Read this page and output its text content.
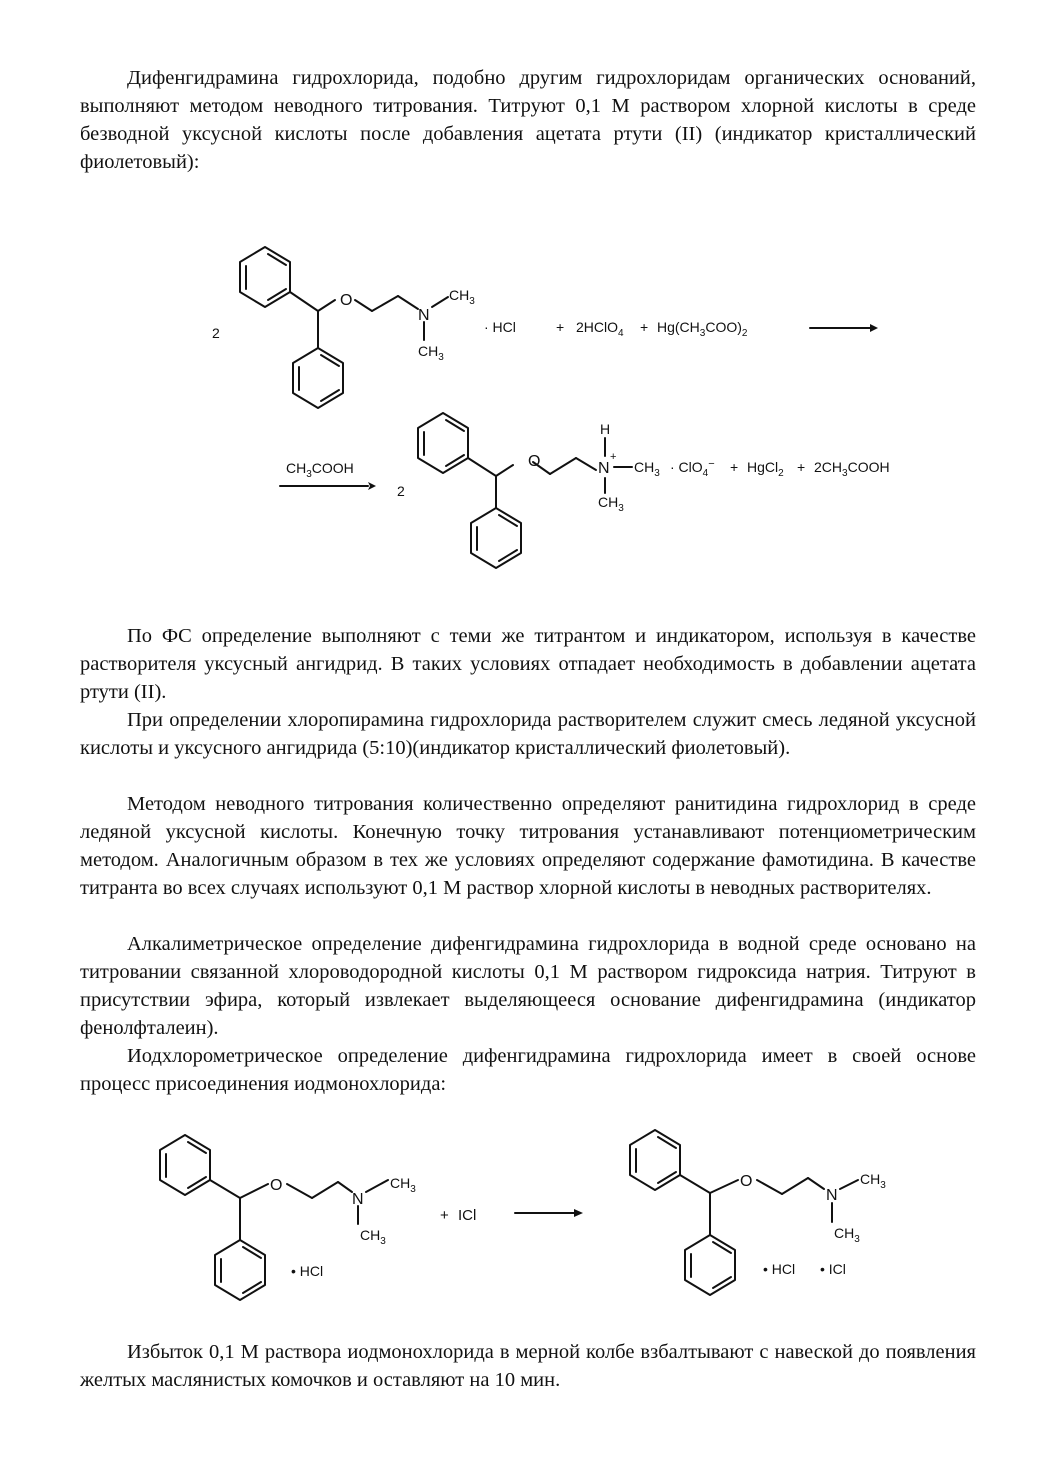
Дифенгидрамина гидрохлорида, подобно другим гидрохлоридам органических оснований, выполняют методом неводного титрования. Титруют 0,1 М раствором хлорной кислоты в среде безводной уксусной кислоты после добавления ацетата ртути (II) (индикатор кристаллический фиолетовый):

O
N
$CH_3$
$CH_3$
2	· HCl	+ 2HClO$_4$ + $Hg(CH_3COO)_2$
$CH_3COOH$
2
O
H
N
+
$CH_3$
$CH_3$
· ClO$_4$− + HgCl$_2$ + $2CH_3COOH$

По ФС определение выполняют с теми же титрантом и индикатором, используя в качестве растворителя уксусный ангидрид. В таких условиях отпадает необходимость в добавлении ацетата ртути (II).

При определении хлоропирамина гидрохлорида растворителем служит смесь ледяной уксусной кислоты и уксусного ангидрида (5:10)(индикатор кристаллический фиолетовый).

Методом неводного титрования количественно определяют ранитидина гидрохлорид в среде ледяной уксусной кислоты. Конечную точку титрования устанавливают потенциометрическим методом. Аналогичным образом в тех же условиях определяют содержание фамотидина. В качестве титранта во всех случаях используют 0,1 М раствор хлорной кислоты в неводных растворителях.

Алкалиметрическое определение дифенгидрамина гидрохлорида в водной среде основано на титровании связанной хлороводородной кислоты 0,1 М раствором гидроксида натрия. Титруют в присутствии эфира, который извлекает выделяющееся основание дифенгидрамина (индикатор фенолфталеин).

Иодхлорометрическое определение дифенгидрамина гидрохлорида имеет в своей основе процесс присоединения иодмонохлорида:

O
N
$CH_3$
$CH_3$
• HCl
+ ICl
O
N
$CH_3$
$CH_3$
• HCl • ICl

Избыток 0,1 М раствора иодмонохлорида в мерной колбе взбалтывают с навеской до появления желтых маслянистых комочков и оставляют на 10 мин.
